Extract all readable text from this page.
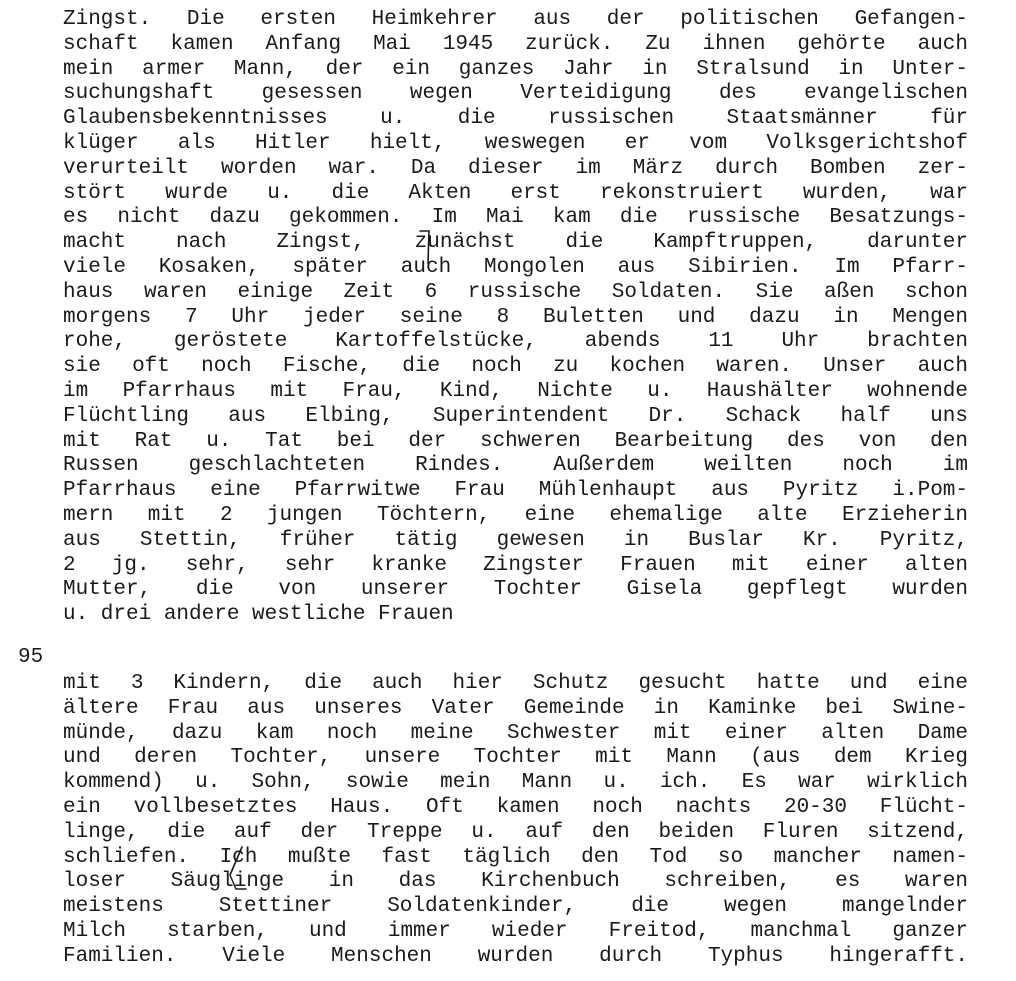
Zingst. Die ersten Heimkehrer aus der politischen Gefangen-
schaft kamen Anfang Mai 1945 zurück. Zu ihnen gehörte auch
mein armer Mann, der ein ganzes Jahr in Stralsund in Unter-
suchungshaft gesessen wegen Verteidigung des evangelischen
Glaubensbekenntnisses u. die russischen Staatsmänner für
klüger als Hitler hielt, weswegen er vom Volksgerichtshof
verurteilt worden war. Da dieser im März durch Bomben zer-
stört wurde u. die Akten erst rekonstruiert wurden, war
es nicht dazu gekommen. Im Mai kam die russische Besatzungs-
macht nach Zingst, zunächst die Kampftruppen, darunter
viele Kosaken, später auch Mongolen aus Sibirien. Im Pfarr-
haus waren einige Zeit 6 russische Soldaten. Sie aßen schon
morgens 7 Uhr jeder seine 8 Buletten und dazu in Mengen
rohe, geröstete Kartoffelstücke, abends 11 Uhr brachten
sie oft noch Fische, die noch zu kochen waren. Unser auch
im Pfarrhaus mit Frau, Kind, Nichte u. Haushälter wohnende
Flüchtling aus Elbing, Superintendent Dr. Schack half uns
mit Rat u. Tat bei der schweren Bearbeitung des von den
Russen geschlachteten Rindes. Außerdem weilten noch im
Pfarrhaus eine Pfarrwitwe Frau Mühlenhaupt aus Pyritz i.Pom-
mern mit 2 jungen Töchtern, eine ehemalige alte Erzieherin
aus Stettin, früher tätig gewesen in Buslar Kr. Pyritz,
2 jg. sehr, sehr kranke Zingster Frauen mit einer alten
Mutter, die von unserer Tochter Gisela gepflegt wurden
u. drei andere westliche Frauen
95
mit 3 Kindern, die auch hier Schutz gesucht hatte und eine
ältere Frau aus unseres Vater Gemeinde in Kaminke bei Swine-
münde, dazu kam noch meine Schwester mit einer alten Dame
und deren Tochter, unsere Tochter mit Mann (aus dem Krieg
kommend) u. Sohn, sowie mein Mann u. ich. Es war wirklich
ein vollbesetztes Haus. Oft kamen noch nachts 20-30 Flücht-
linge, die auf der Treppe u. auf den beiden Fluren sitzend,
schliefen. Ich mußte fast täglich den Tod so mancher namen-
loser Säuglinge in das Kirchenbuch schreiben, es waren
meistens Stettiner Soldatenkinder, die wegen mangelnder
Milch starben, und immer wieder Freitod, manchmal ganzer
Familien. Viele Menschen wurden durch Typhus hingerafft.
